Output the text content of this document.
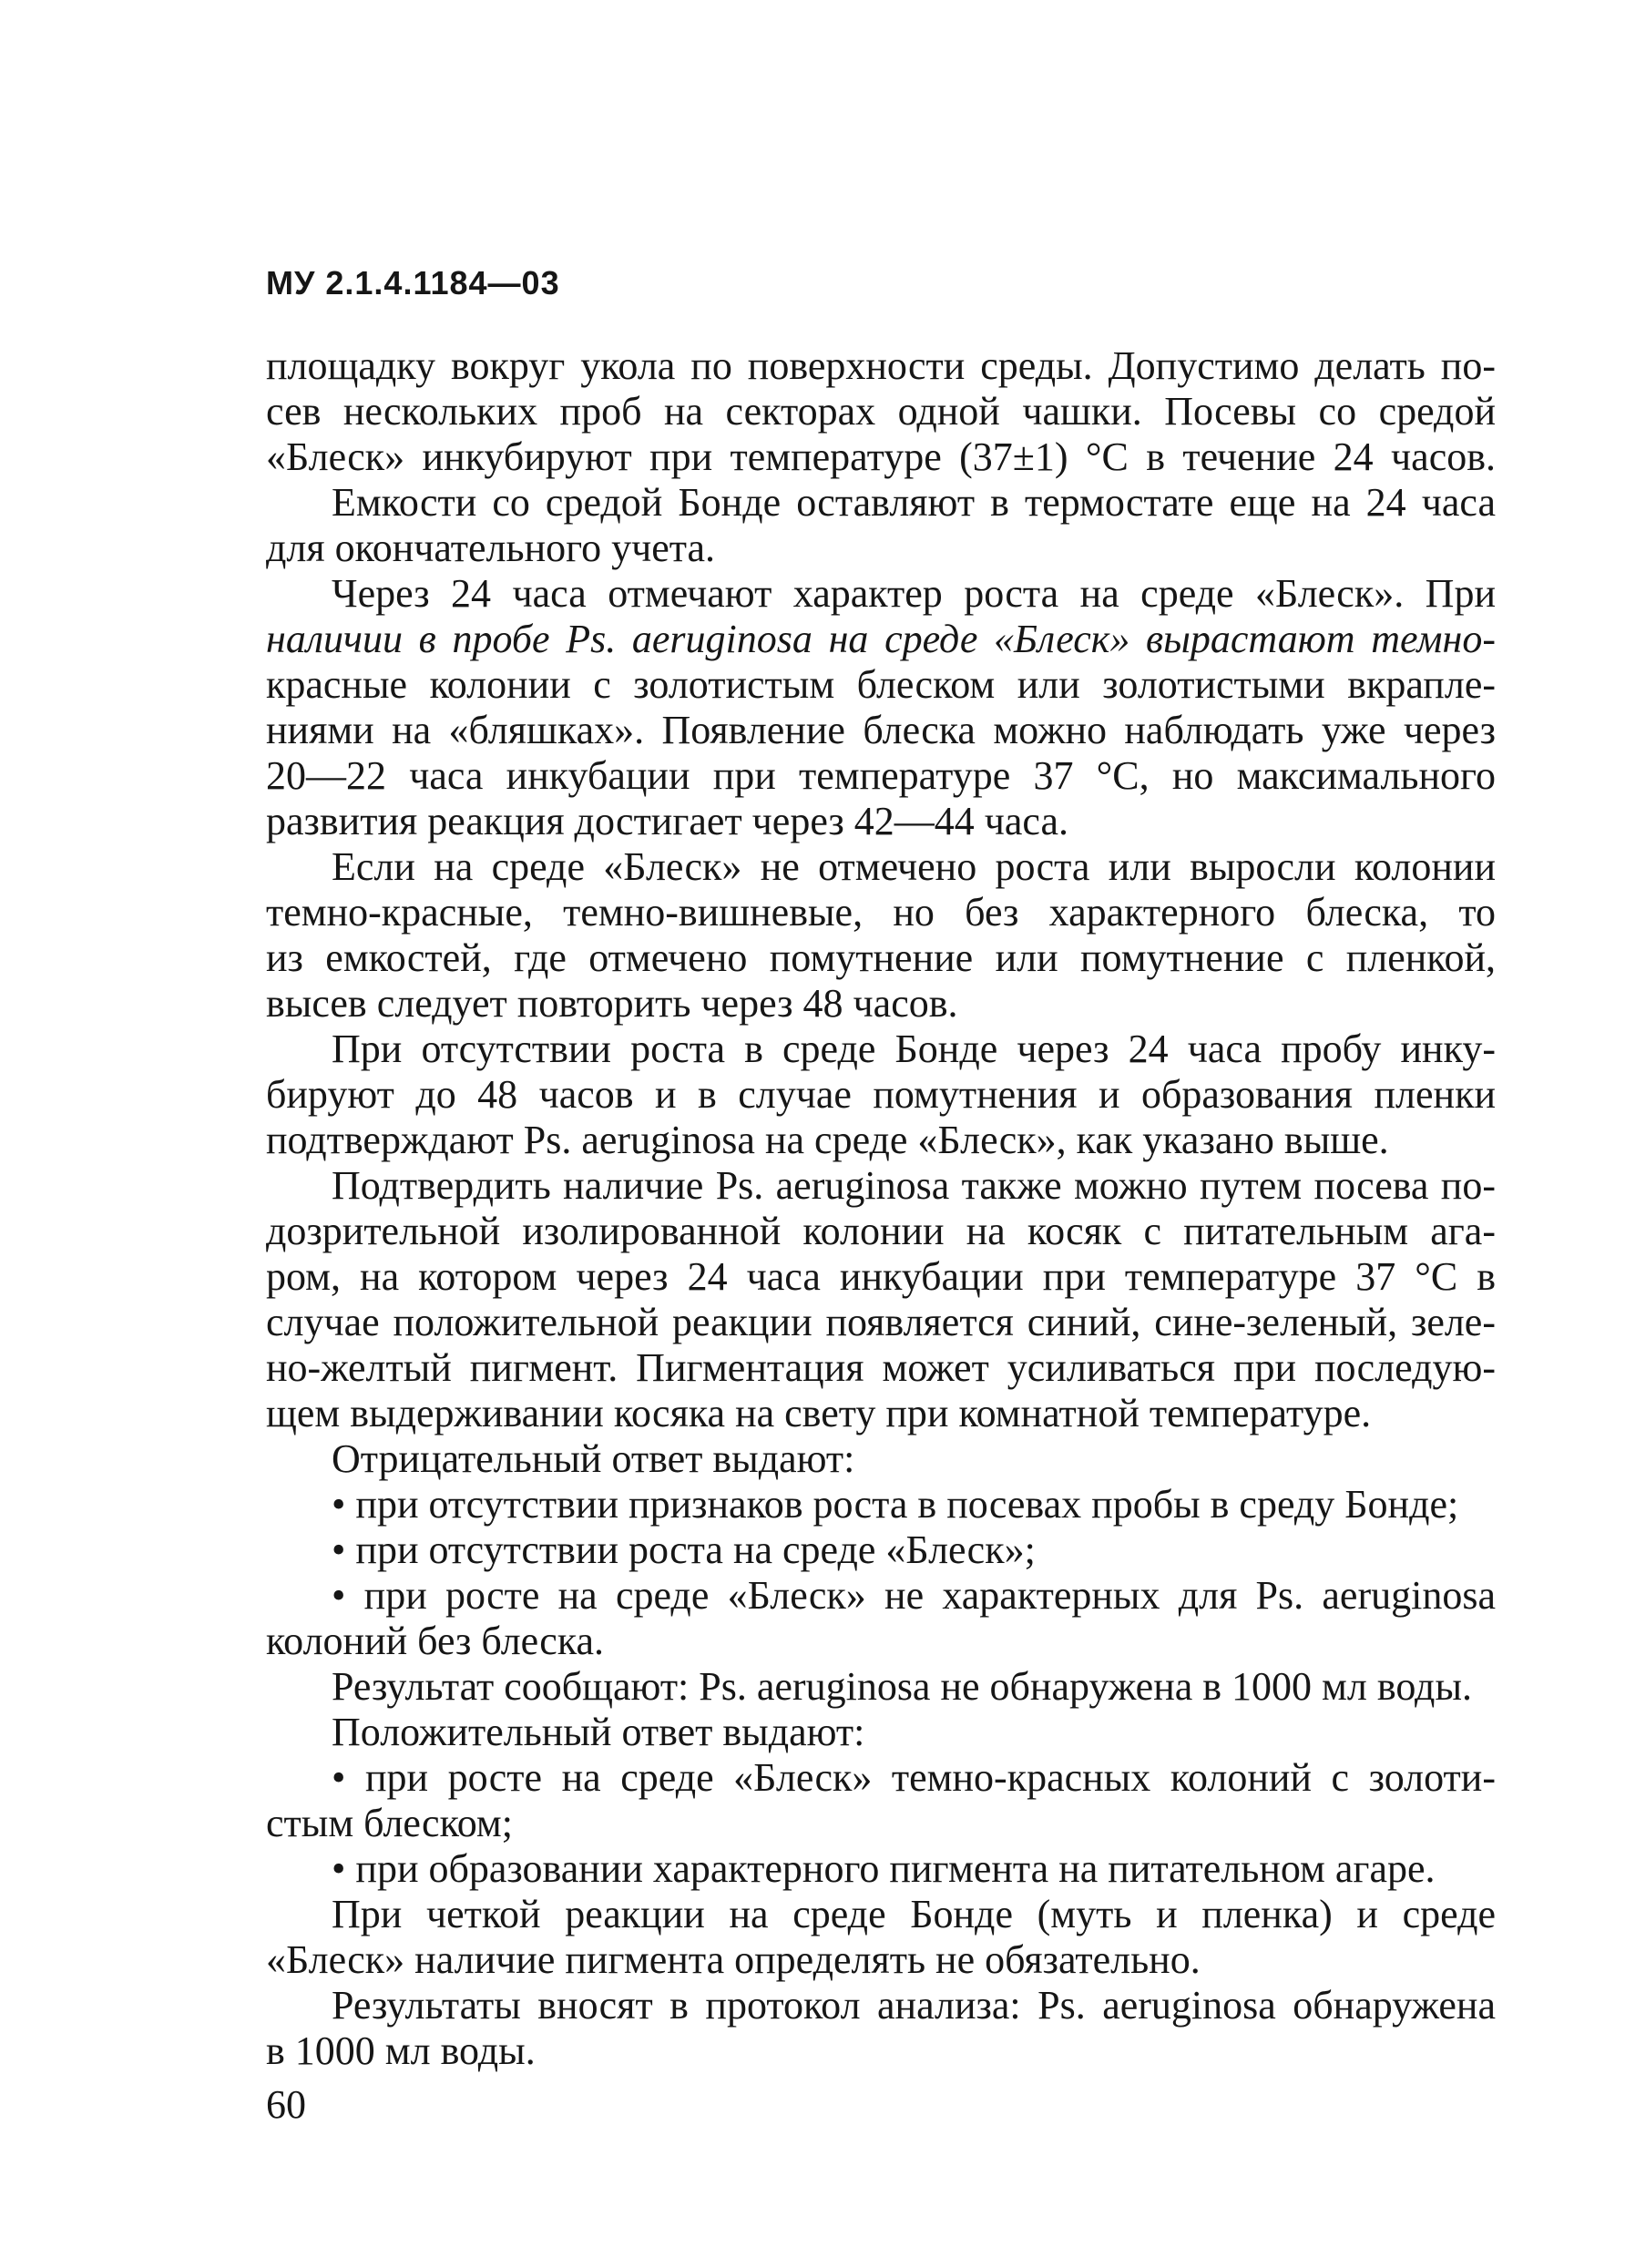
МУ 2.1.4.1184—03
площадку вокруг укола по поверхности среды. Допустимо делать по-
сев нескольких проб на секторах одной чашки. Посевы со средой
«Блеск» инкубируют при температуре (37±1) °С в течение 24 часов.
Емкости со средой Бонде оставляют в термостате еще на 24 часа
для окончательного учета.
Через 24 часа отмечают характер роста на среде «Блеск». При
наличии в пробе Ps. aeruginosa на среде «Блеск» вырастают темно-
красные колонии с золотистым блеском или золотистыми вкрапле-
ниями на «бляшках». Появление блеска можно наблюдать уже через
20—22 часа инкубации при температуре 37 °С, но максимального
развития реакция достигает через 42—44 часа.
Если на среде «Блеск» не отмечено роста или выросли колонии
темно-красные, темно-вишневые, но без характерного блеска, то
из емкостей, где отмечено помутнение или помутнение с пленкой,
высев следует повторить через 48 часов.
При отсутствии роста в среде Бонде через 24 часа пробу инку-
бируют до 48 часов и в случае помутнения и образования пленки
подтверждают Ps. aeruginosa на среде «Блеск», как указано выше.
Подтвердить наличие Ps. aeruginosa также можно путем посева по-
дозрительной изолированной колонии на косяк с питательным ага-
ром, на котором через 24 часа инкубации при температуре 37 °С в
случае положительной реакции появляется синий, сине-зеленый, зеле-
но-желтый пигмент. Пигментация может усиливаться при последую-
щем выдерживании косяка на свету при комнатной температуре.
Отрицательный ответ выдают:
• при отсутствии признаков роста в посевах пробы в среду Бонде;
• при отсутствии роста на среде «Блеск»;
• при росте на среде «Блеск» не характерных для Ps. aeruginosa
колоний без блеска.
Результат сообщают: Ps. aeruginosa не обнаружена в 1000 мл воды.
Положительный ответ выдают:
• при росте на среде «Блеск» темно-красных колоний с золоти-
стым блеском;
• при образовании характерного пигмента на питательном агаре.
При четкой реакции на среде Бонде (муть и пленка) и среде
«Блеск» наличие пигмента определять не обязательно.
Результаты вносят в протокол анализа: Ps. aeruginosa обнаружена
в 1000 мл воды.
60
